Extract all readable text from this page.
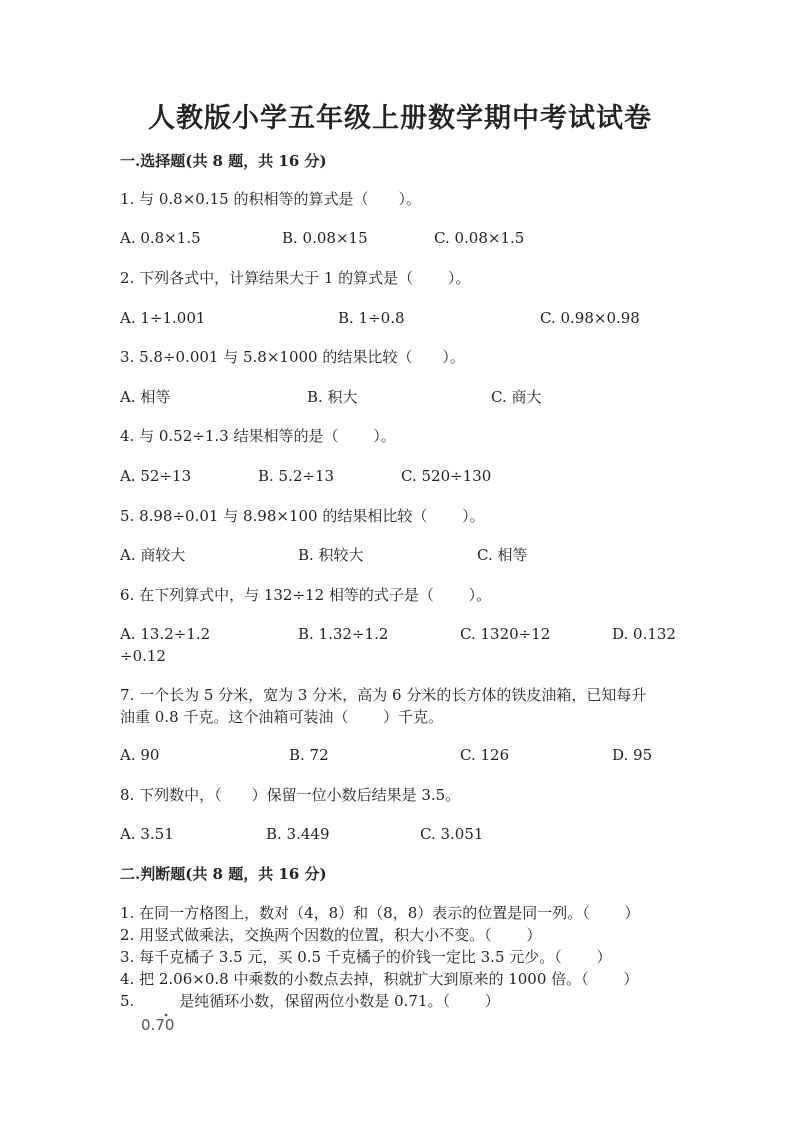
人教版小学五年级上册数学期中考试试卷
一.选择题(共 8 题，共 16 分)
1. 与 0.8×0.15 的积相等的算式是（　　）。
A. 0.8×1.5	B. 0.08×15	C. 0.08×1.5
2. 下列各式中，计算结果大于 1 的算式是（　　 ）。
A. 1÷1.001	B. 1÷0.8	C. 0.98×0.98
3. 5.8÷0.001 与 5.8×1000 的结果比较（　　）。
A. 相等	B. 积大	C. 商大
4. 与 0.52÷1.3 结果相等的是（　　 ）。
A. 52÷13	B. 5.2÷13	C. 520÷130
5. 8.98÷0.01 与 8.98×100 的结果相比较（　　 ）。
A. 商较大	B. 积较大	C. 相等
6. 在下列算式中，与 132÷12 相等的式子是（　　 ）。
A. 13.2÷1.2	B. 1.32÷1.2	C. 1320÷12	D. 0.132
÷0.12
7. 一个长为 5 分米，宽为 3 分米，高为 6 分米的长方体的铁皮油箱，已知每升
油重 0.8 千克。这个油箱可装油（　　 ）千克。
A. 90	B. 72	C. 126	D. 95
8. 下列数中，（　　）保留一位小数后结果是 3.5。
A. 3.51	B. 3.449	C. 3.051
二.判断题(共 8 题，共 16 分)
1. 在同一方格图上，数对（4，8）和（8，8）表示的位置是同一列。（　　 ）
2. 用竖式做乘法，交换两个因数的位置，积大小不变。（　　 ）
3. 每千克橘子 3.5 元，买 0.5 千克橘子的价钱一定比 3.5 元少。（　　 ）
4. 把 2.06×0.8 中乘数的小数点去掉，积就扩大到原来的 1000 倍。（　　 ）
5.　　　是纯循环小数，保留两位小数是 0.71。（　　 ）
0.70
